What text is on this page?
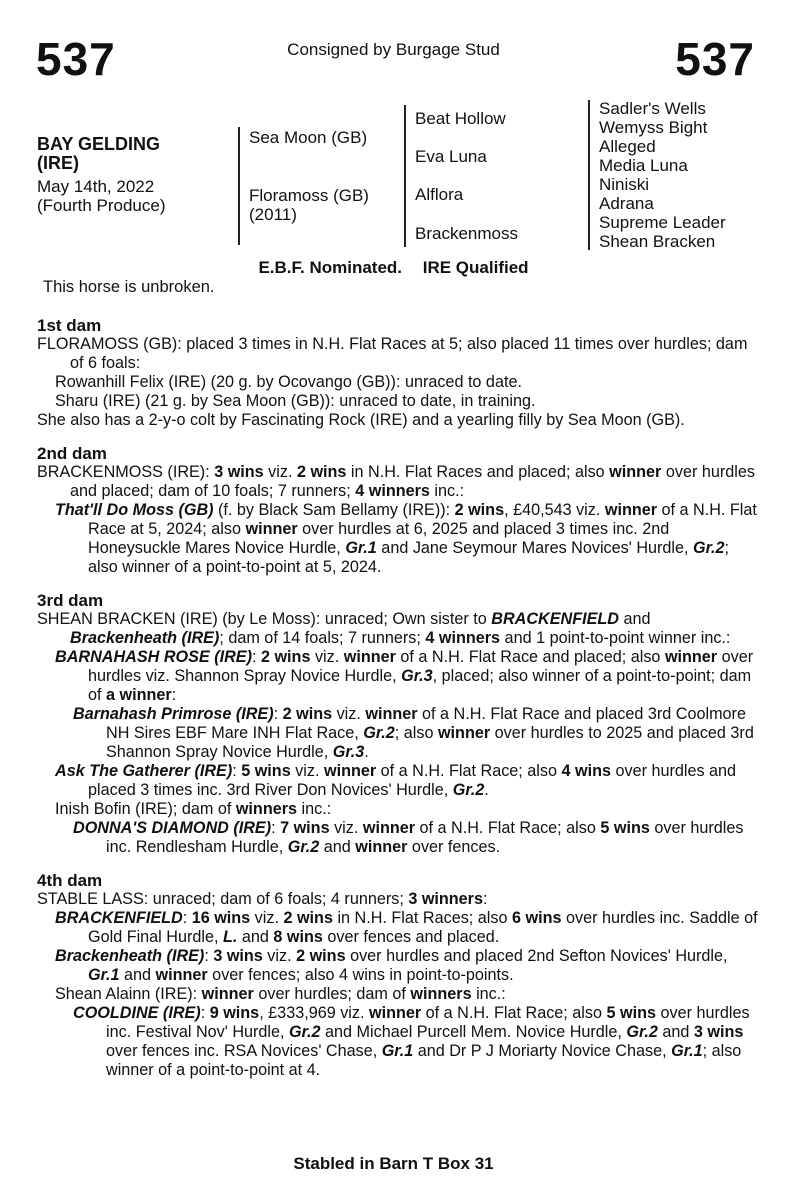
537	Consigned by Burgage Stud	537
BAY GELDING
(IRE)
May 14th, 2022
(Fourth Produce)
Sea Moon (GB)
Floramoss (GB)
(2011)
Beat Hollow
Eva Luna
Alflora
Brackenmoss
Sadler's Wells
Wemyss Bight
Alleged
Media Luna
Niniski
Adrana
Supreme Leader
Shean Bracken
E.B.F. Nominated. IRE Qualified
This horse is unbroken.
1st dam

FLORAMOSS (GB): placed 3 times in N.H. Flat Races at 5; also placed 11 times over hurdles; dam of 6 foals:

Rowanhill Felix (IRE) (20 g. by Ocovango (GB)): unraced to date.

Sharu (IRE) (21 g. by Sea Moon (GB)): unraced to date, in training.

She also has a 2-y-o colt by Fascinating Rock (IRE) and a yearling filly by Sea Moon (GB).

2nd dam

BRACKENMOSS (IRE): 3 wins viz. 2 wins in N.H. Flat Races and placed; also winner over hurdles and placed; dam of 10 foals; 7 runners; 4 winners inc.:

That'll Do Moss (GB) (f. by Black Sam Bellamy (IRE)): 2 wins, £40,543 viz. winner of a N.H. Flat Race at 5, 2024; also winner over hurdles at 6, 2025 and placed 3 times inc. 2nd Honeysuckle Mares Novice Hurdle, Gr.1 and Jane Seymour Mares Novices' Hurdle, Gr.2; also winner of a point-to-point at 5, 2024.

3rd dam

SHEAN BRACKEN (IRE) (by Le Moss): unraced; Own sister to BRACKENFIELD and Brackenheath (IRE); dam of 14 foals; 7 runners; 4 winners and 1 point-to-point winner inc.:

BARNAHASH ROSE (IRE): 2 wins viz. winner of a N.H. Flat Race and placed; also winner over hurdles viz. Shannon Spray Novice Hurdle, Gr.3, placed; also winner of a point-to-point; dam of a winner:

Barnahash Primrose (IRE): 2 wins viz. winner of a N.H. Flat Race and placed 3rd Coolmore NH Sires EBF Mare INH Flat Race, Gr.2; also winner over hurdles to 2025 and placed 3rd Shannon Spray Novice Hurdle, Gr.3.

Ask The Gatherer (IRE): 5 wins viz. winner of a N.H. Flat Race; also 4 wins over hurdles and placed 3 times inc. 3rd River Don Novices' Hurdle, Gr.2.

Inish Bofin (IRE); dam of winners inc.:

DONNA'S DIAMOND (IRE): 7 wins viz. winner of a N.H. Flat Race; also 5 wins over hurdles inc. Rendlesham Hurdle, Gr.2 and winner over fences.

4th dam

STABLE LASS: unraced; dam of 6 foals; 4 runners; 3 winners:

BRACKENFIELD: 16 wins viz. 2 wins in N.H. Flat Races; also 6 wins over hurdles inc. Saddle of Gold Final Hurdle, L. and 8 wins over fences and placed.

Brackenheath (IRE): 3 wins viz. 2 wins over hurdles and placed 2nd Sefton Novices' Hurdle, Gr.1 and winner over fences; also 4 wins in point-to-points.

Shean Alainn (IRE): winner over hurdles; dam of winners inc.:

COOLDINE (IRE): 9 wins, £333,969 viz. winner of a N.H. Flat Race; also 5 wins over hurdles inc. Festival Nov' Hurdle, Gr.2 and Michael Purcell Mem. Novice Hurdle, Gr.2 and 3 wins over fences inc. RSA Novices' Chase, Gr.1 and Dr P J Moriarty Novice Chase, Gr.1; also winner of a point-to-point at 4.

Stabled in Barn T Box 31
